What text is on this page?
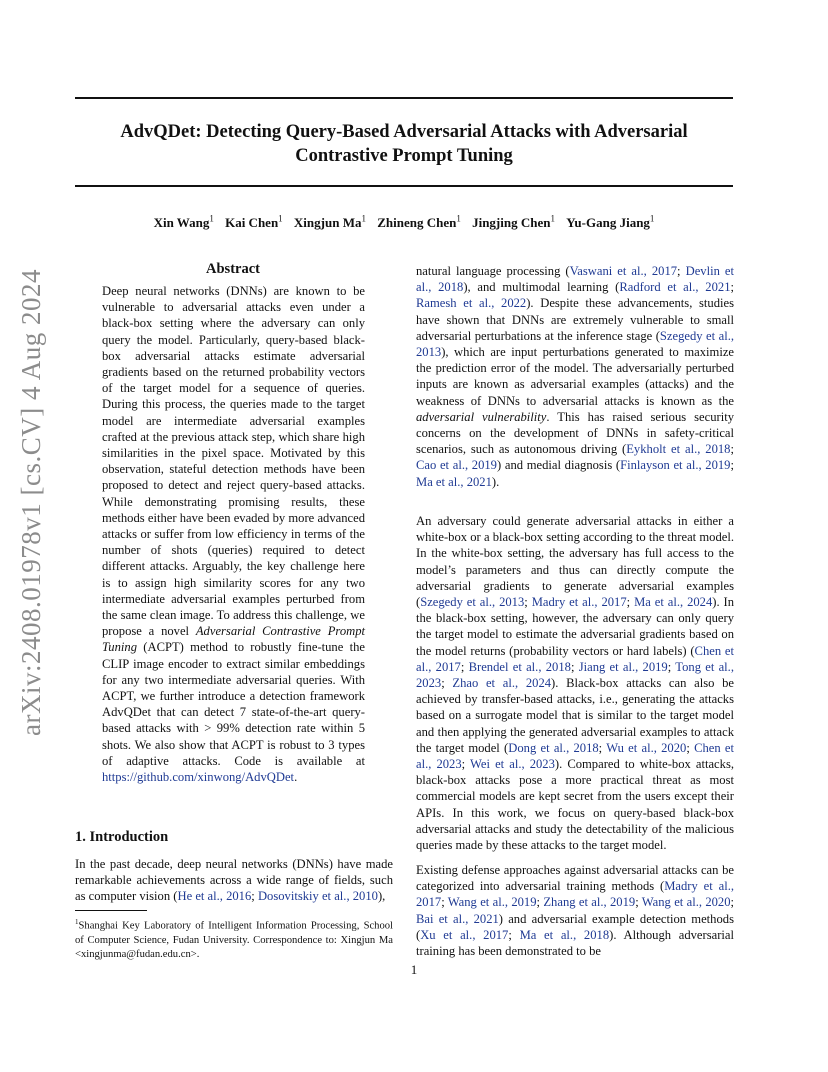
AdvQDet: Detecting Query-Based Adversarial Attacks with Adversarial
Contrastive Prompt Tuning
Xin Wang$^1$ Kai Chen$^1$ Xingjun Ma$^1$ Zhineng Chen$^1$ Jingjing Chen$^1$ Yu-Gang Jiang$^1$
arXiv:2408.01978v1 [cs.CV] 4 Aug 2024
Abstract
Deep neural networks (DNNs) are known to be vulnerable to adversarial attacks even under a black-box setting where the adversary can only query the model. Particularly, query-based black-box adversarial attacks estimate adversarial gradients based on the returned probability vectors of the target model for a sequence of queries. During this process, the queries made to the target model are intermediate adversarial examples crafted at the previous attack step, which share high similarities in the pixel space. Motivated by this observation, stateful detection methods have been proposed to detect and reject query-based attacks. While demonstrating promising results, these methods either have been evaded by more advanced attacks or suffer from low efficiency in terms of the number of shots (queries) required to detect different attacks. Arguably, the key challenge here is to assign high similarity scores for any two intermediate adversarial examples perturbed from the same clean image. To address this challenge, we propose a novel Adversarial Contrastive Prompt Tuning (ACPT) method to robustly fine-tune the CLIP image encoder to extract similar embeddings for any two intermediate adversarial queries. With ACPT, we further introduce a detection framework AdvQDet that can detect 7 state-of-the-art query-based attacks with > 99% detection rate within 5 shots. We also show that ACPT is robust to 3 types of adaptive attacks. Code is available at https://github.com/xinwong/AdvQDet.
1. Introduction
In the past decade, deep neural networks (DNNs) have made remarkable achievements across a wide range of fields, such as computer vision (He et al., 2016; Dosovitskiy et al., 2010),
$^1$Shanghai Key Laboratory of Intelligent Information Processing, School of Computer Science, Fudan University. Correspondence to: Xingjun Ma <xingjunma@fudan.edu.cn>.
natural language processing (Vaswani et al., 2017; Devlin et al., 2018), and multimodal learning (Radford et al., 2021; Ramesh et al., 2022). Despite these advancements, studies have shown that DNNs are extremely vulnerable to small adversarial perturbations at the inference stage (Szegedy et al., 2013), which are input perturbations generated to maximize the prediction error of the model. The adversarially perturbed inputs are known as adversarial examples (attacks) and the weakness of DNNs to adversarial attacks is known as the adversarial vulnerability. This has raised serious security concerns on the development of DNNs in safety-critical scenarios, such as autonomous driving (Eykholt et al., 2018; Cao et al., 2019) and medial diagnosis (Finlayson et al., 2019; Ma et al., 2021).
An adversary could generate adversarial attacks in either a white-box or a black-box setting according to the threat model. In the white-box setting, the adversary has full access to the model’s parameters and thus can directly compute the adversarial gradients to generate adversarial examples (Szegedy et al., 2013; Madry et al., 2017; Ma et al., 2024). In the black-box setting, however, the adversary can only query the target model to estimate the adversarial gradients based on the model returns (probability vectors or hard labels) (Chen et al., 2017; Brendel et al., 2018; Jiang et al., 2019; Tong et al., 2023; Zhao et al., 2024). Black-box attacks can also be achieved by transfer-based attacks, i.e., generating the attacks based on a surrogate model that is similar to the target model and then applying the generated adversarial examples to attack the target model (Dong et al., 2018; Wu et al., 2020; Chen et al., 2023; Wei et al., 2023). Compared to white-box attacks, black-box attacks pose a more practical threat as most commercial models are kept secret from the users except their APIs. In this work, we focus on query-based black-box adversarial attacks and study the detectability of the malicious queries made by these attacks to the target model.
Existing defense approaches against adversarial attacks can be categorized into adversarial training methods (Madry et al., 2017; Wang et al., 2019; Zhang et al., 2019; Wang et al., 2020; Bai et al., 2021) and adversarial example detection methods (Xu et al., 2017; Ma et al., 2018). Although adversarial training has been demonstrated to be
1
